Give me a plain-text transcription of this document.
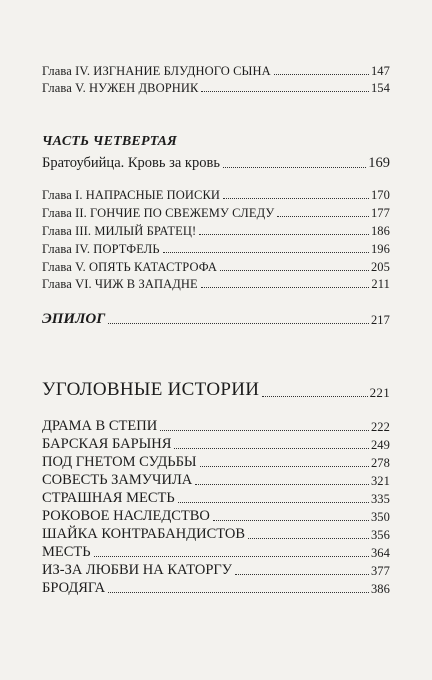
Глава IV. ИЗГНАНИЕ БЛУДНОГО СЫНА	147
Глава V. НУЖЕН ДВОРНИК	154
ЧАСТЬ ЧЕТВЕРТАЯ
Братоубийца. Кровь за кровь	169
Глава I. НАПРАСНЫЕ ПОИСКИ	170
Глава II. ГОНЧИЕ ПО СВЕЖЕМУ СЛЕДУ	177
Глава III. МИЛЫЙ БРАТЕЦ!	186
Глава IV. ПОРТФЕЛЬ	196
Глава V. ОПЯТЬ КАТАСТРОФА	205
Глава VI. ЧИЖ В ЗАПАДНЕ	211
ЭПИЛОГ	217
УГОЛОВНЫЕ ИСТОРИИ	221
ДРАМА В СТЕПИ	222
БАРСКАЯ БАРЫНЯ	249
ПОД ГНЕТОМ СУДЬБЫ	278
СОВЕСТЬ ЗАМУЧИЛА	321
СТРАШНАЯ МЕСТЬ	335
РОКОВОЕ НАСЛЕДСТВО	350
ШАЙКА КОНТРАБАНДИСТОВ	356
МЕСТЬ	364
ИЗ-ЗА ЛЮБВИ НА КАТОРГУ	377
БРОДЯГА	386
